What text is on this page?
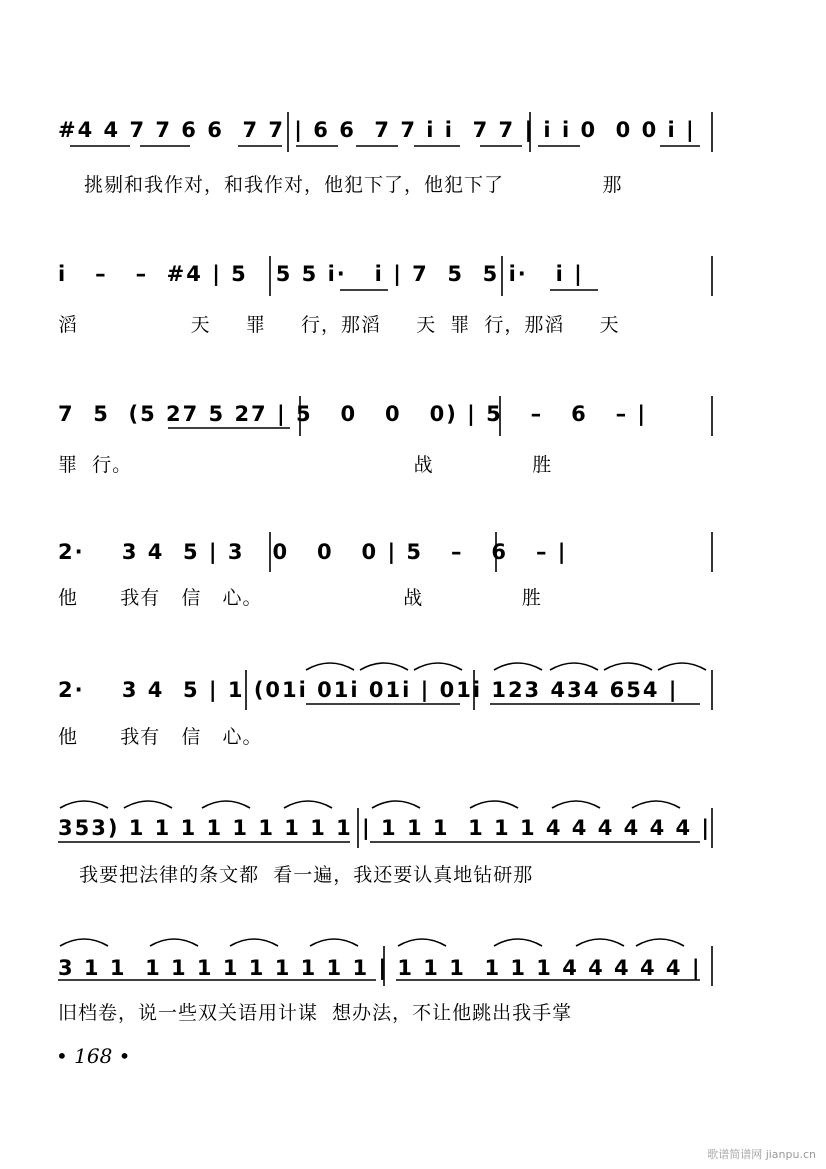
#4 4 7 7 6 6  7 7 | 6 6  7 7 i i  7 7 | i i 0  0 0 i |
挑剔和我作对，和我作对，他犯下了，他犯下了              那
i   –   –  #4 | 5   5 5 i·   i | 7  5  5 i·   i |
滔                天     罪     行，那滔     天  罪  行，那滔     天
7  5  (5 27 5 27 | 5   0   0   0) | 5   –   6   – |
罪  行。                                        战              胜
2·    3 4  5 | 3   0   0   0 | 5   –   6   – |
他      我有   信   心。                    战              胜
2·    3 4  5 | 1 (01i 01i 01i | 01i 123 434 654 |
他      我有   信   心。
353) 1 1 1 1 1 1 1 1 1 | 1 1 1  1 1 1 4 4 4 4 4 4 |
我要把法律的条文都  看一遍，我还要认真地钻研那
3 1 1  1 1 1 1 1 1 1 1 1 | 1 1 1  1 1 1 4 4 4 4 4 |
旧档卷，说一些双关语用计谋  想办法，不让他跳出我手掌
• 168 •
歌谱简谱网 jianpu.cn
